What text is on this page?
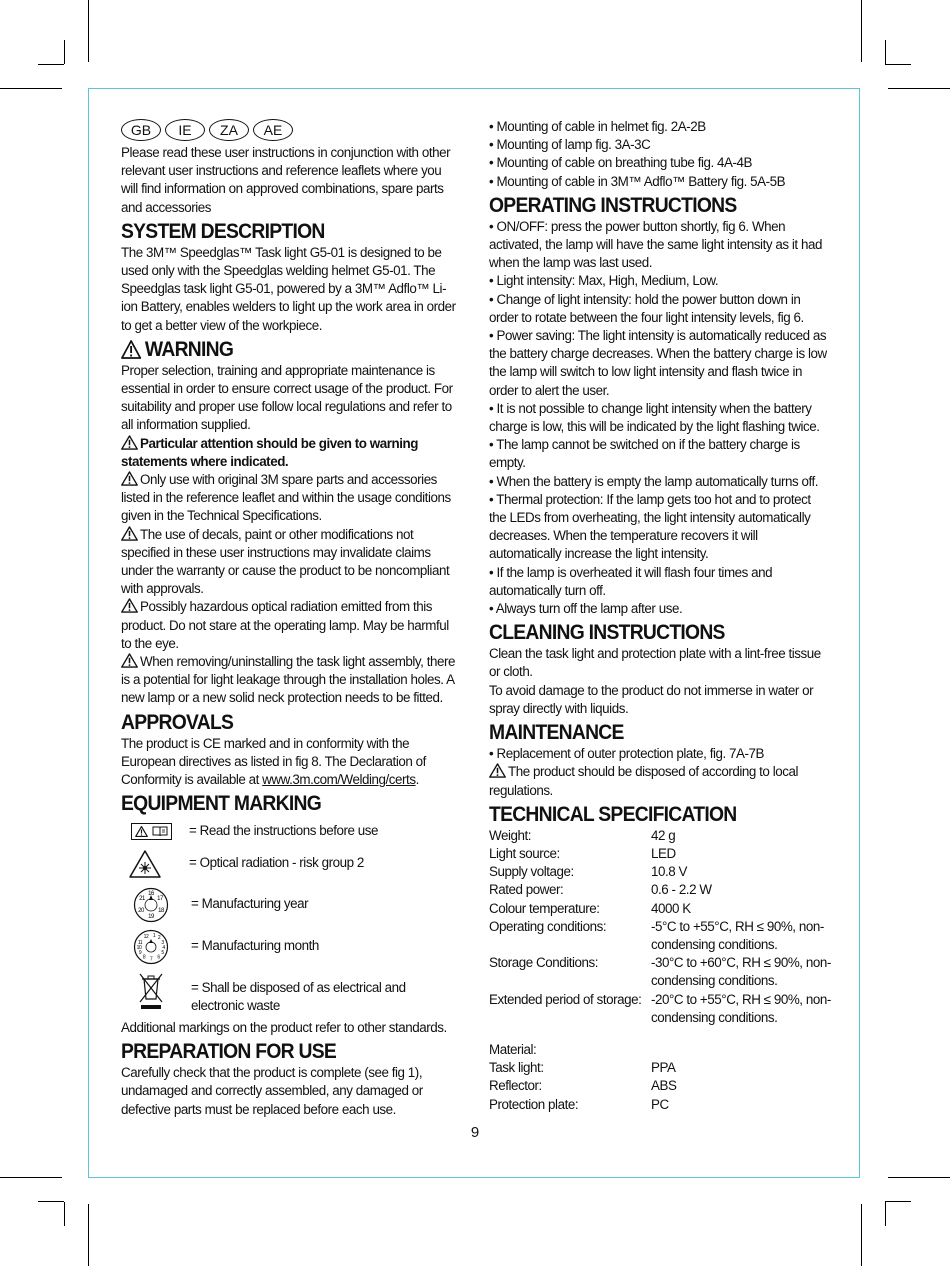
GB	IE	ZA	AE

Please read these user instructions in conjunction with other relevant user instructions and reference leaflets where you will find information on approved combinations, spare parts and accessories

SYSTEM DESCRIPTION

The 3M™ Speedglas™ Task light G5-01 is designed to be used only with the Speedglas welding helmet G5-01. The Speedglas task light G5-01, powered by a 3M™ Adflo™ Li-ion Battery, enables welders to light up the work area in order to get a better view of the workpiece.

WARNING

Proper selection, training and appropriate maintenance is essential in order to ensure correct usage of the product. For suitability and proper use follow local regulations and refer to all information supplied.

Particular attention should be given to warning statements where indicated.

Only use with original 3M spare parts and accessories listed in the reference leaflet and within the usage conditions given in the Technical Specifications.

The use of decals, paint or other modifications not specified in these user instructions may invalidate claims under the warranty or cause the product to be noncompliant with approvals.

Possibly hazardous optical radiation emitted from this product. Do not stare at the operating lamp. May be harmful to the eye.

When removing/uninstalling the task light assembly, there is a potential for light leakage through the installation holes. A new lamp or a new solid neck protection needs to be fitted.

APPROVALS

The product is CE marked and in conformity with the European directives as listed in fig 8. The Declaration of Conformity is available at www.3m.com/Welding/certs.

EQUIPMENT MARKING
= Read the instructions before use
= Optical radiation - risk group 2
16
17
18
19
20
21	= Manufacturing year
1 2
3
4
5
6
7
8
9
10
11
12
= Manufacturing month
= Shall be disposed of as electrical and electronic waste

Additional markings on the product refer to other standards.

PREPARATION FOR USE

Carefully check that the product is complete (see fig 1), undamaged and correctly assembled, any damaged or defective parts must be replaced before each use.

• Mounting of cable in helmet fig. 2A-2B

• Mounting of lamp fig. 3A-3C

• Mounting of cable on breathing tube fig. 4A-4B

• Mounting of cable in 3M™ Adflo™ Battery fig. 5A-5B

OPERATING INSTRUCTIONS

• ON/OFF: press the power button shortly, fig 6. When activated, the lamp will have the same light intensity as it had when the lamp was last used.

• Light intensity: Max, High, Medium, Low.

• Change of light intensity: hold the power button down in order to rotate between the four light intensity levels, fig 6.

• Power saving: The light intensity is automatically reduced as the battery charge decreases. When the battery charge is low the lamp will switch to low light intensity and flash twice in order to alert the user.

• It is not possible to change light intensity when the battery charge is low, this will be indicated by the light flashing twice.

• The lamp cannot be switched on if the battery charge is empty.

• When the battery is empty the lamp automatically turns off.

• Thermal protection: If the lamp gets too hot and to protect the LEDs from overheating, the light intensity automatically decreases. When the temperature recovers it will automatically increase the light intensity.

• If the lamp is overheated it will flash four times and automatically turn off.

• Always turn off the lamp after use.

CLEANING INSTRUCTIONS

Clean the task light and protection plate with a lint-free tissue or cloth.

To avoid damage to the product do not immerse in water or spray directly with liquids.

MAINTENANCE

• Replacement of outer protection plate, fig. 7A-7B

The product should be disposed of according to local regulations.

TECHNICAL SPECIFICATION
Weight:	42 g
Light source:	LED
Supply voltage:	10.8 V
Rated power:	0.6 - 2.2 W
Colour temperature:	4000 K
Operating conditions:	-5°C to +55°C, RH ≤ 90%, non-condensing conditions.
Storage Conditions:	-30°C to +60°C, RH ≤ 90%, non-condensing conditions.
Extended period of storage: -20°C to +55°C, RH ≤ 90%, non-condensing conditions.

Material:

Task light:	PPA
Reflector:	ABS
Protection plate:	PC
9
